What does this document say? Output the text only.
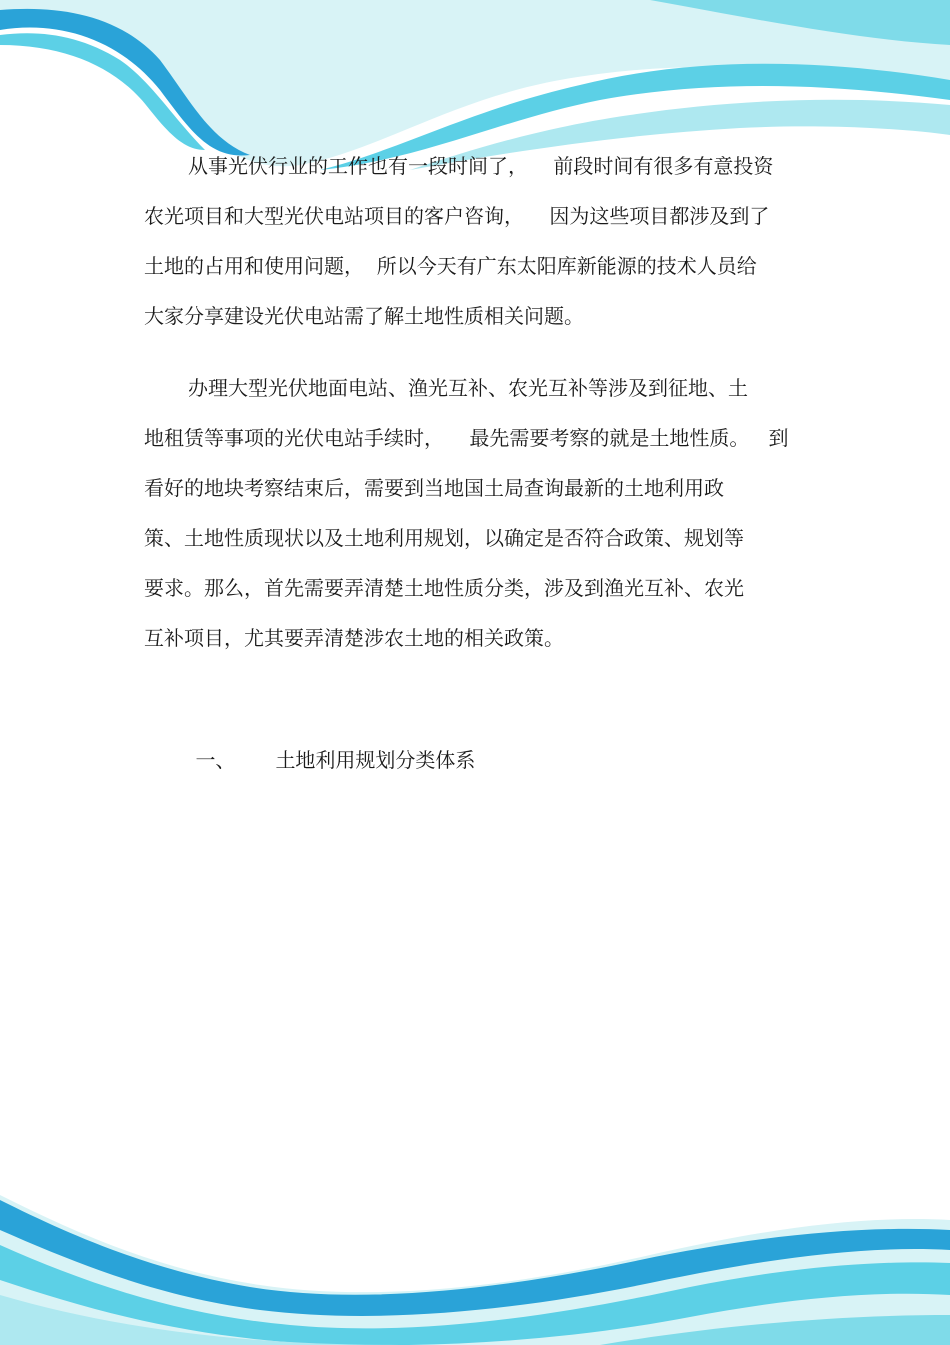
从事光伏行业的工作也有一段时间了，    前段时间有很多有意投资
农光项目和大型光伏电站项目的客户咨询，    因为这些项目都涉及到了
土地的占用和使用问题，  所以今天有广东太阳库新能源的技术人员给
大家分享建设光伏电站需了解土地性质相关问题。
办理大型光伏地面电站、渔光互补、农光互补等涉及到征地、土
地租赁等事项的光伏电站手续时，    最先需要考察的就是土地性质。   到
看好的地块考察结束后，需要到当地国土局查询最新的土地利用政
策、土地性质现状以及土地利用规划，以确定是否符合政策、规划等
要求。那么，首先需要弄清楚土地性质分类，涉及到渔光互补、农光
互补项目，尤其要弄清楚涉农土地的相关政策。

一、 土地利用规划分类体系
